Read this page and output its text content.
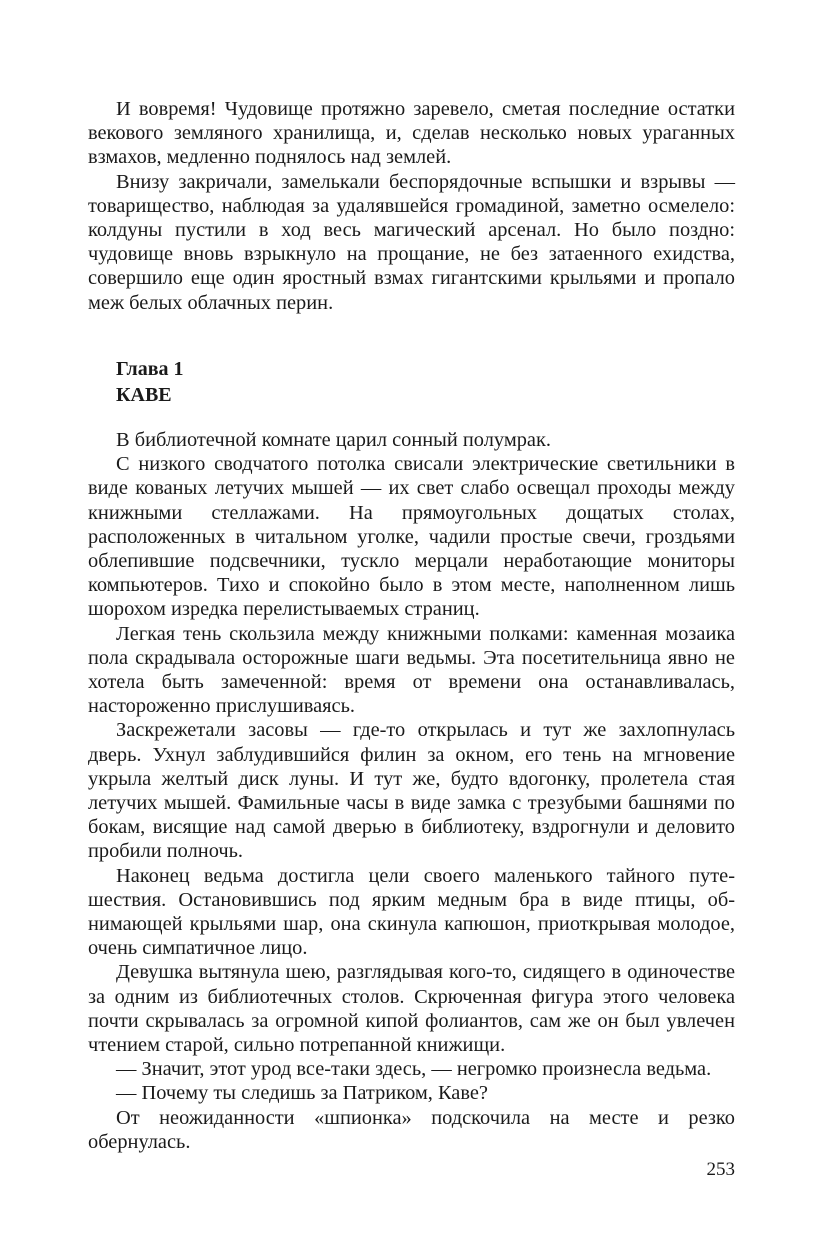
И вовремя! Чудовище протяжно заревело, сметая последние остатки векового земляного хранилища, и, сделав несколько новых ураганных взмахов, медленно поднялось над землей.

Внизу закричали, замелькали беспорядочные вспышки и взрывы — товарищество, наблюдая за удалявшейся громадиной, заметно осмелело: колдуны пустили в ход весь магический арсенал. Но было поздно: чудовище вновь взрыкнуло на прощание, не без затаенного ехидства, совершило еще один яростный взмах гигантскими крыльями и пропало меж белых облачных перин.

Глава 1
КАВЕ

В библиотечной комнате царил сонный полумрак.

С низкого сводчатого потолка свисали электрические светильники в виде кованых летучих мышей — их свет слабо освещал проходы между книжными стеллажами. На прямоугольных дощатых столах, расположенных в читальном уголке, чадили простые свечи, гроздьями облепившие подсвечники, тускло мерцали неработающие мониторы компьютеров. Тихо и спокойно было в этом месте, наполненном лишь шорохом изредка перелистываемых страниц.

Легкая тень скользила между книжными полками: каменная мозаика пола скрадывала осторожные шаги ведьмы. Эта посетительница явно не хотела быть замеченной: время от времени она останавливалась, настороженно прислушиваясь.

Заскрежетали засовы — где-то открылась и тут же захлопнулась дверь. Ухнул заблудившийся филин за окном, его тень на мгновение укрыла желтый диск луны. И тут же, будто вдогонку, пролетела стая летучих мышей. Фамильные часы в виде замка с трезубыми башнями по бокам, висящие над самой дверью в библиотеку, вздрогнули и деловито пробили полночь.

Наконец ведьма достигла цели своего маленького тайного путешествия. Остановившись под ярким медным бра в виде птицы, обнимающей крыльями шар, она скинула капюшон, приоткрывая молодое, очень симпатичное лицо.

Девушка вытянула шею, разглядывая кого-то, сидящего в одиночестве за одним из библиотечных столов. Скрюченная фигура этого человека почти скрывалась за огромной кипой фолиантов, сам же он был увлечен чтением старой, сильно потрепанной книжищи.

— Значит, этот урод все-таки здесь, — негромко произнесла ведьма.

— Почему ты следишь за Патриком, Каве?

От неожиданности «шпионка» подскочила на месте и резко обернулась.

253
